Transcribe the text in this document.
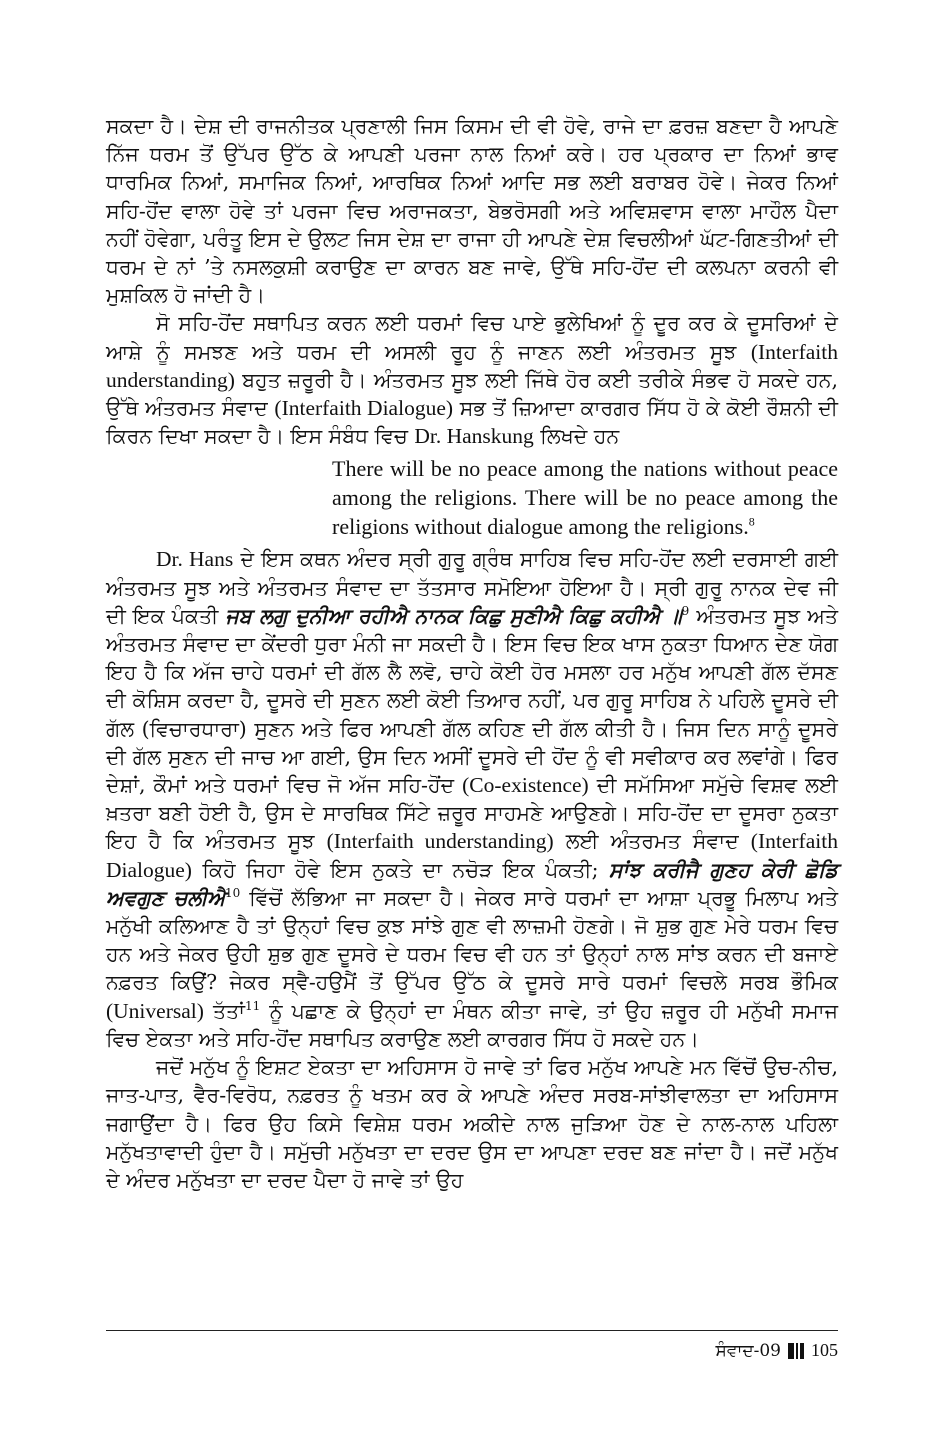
ਸਕਦਾ ਹੈ। ਦੇਸ਼ ਦੀ ਰਾਜਨੀਤਕ ਪ੍ਰਣਾਲੀ ਜਿਸ ਕਿਸਮ ਦੀ ਵੀ ਹੋਵੇ, ਰਾਜੇ ਦਾ ਫ਼ਰਜ਼ ਬਣਦਾ ਹੈ ਆਪਣੇ ਨਿੱਜ ਧਰਮ ਤੋਂ ਉੱਪਰ ਉੱਠ ਕੇ ਆਪਣੀ ਪਰਜਾ ਨਾਲ ਨਿਆਂ ਕਰੇ। ਹਰ ਪ੍ਰਕਾਰ ਦਾ ਨਿਆਂ ਭਾਵ ਧਾਰਮਿਕ ਨਿਆਂ, ਸਮਾਜਿਕ ਨਿਆਂ, ਆਰਥਿਕ ਨਿਆਂ ਆਦਿ ਸਭ ਲਈ ਬਰਾਬਰ ਹੋਵੇ। ਜੇਕਰ ਨਿਆਂ ਸਹਿ-ਹੋਂਦ ਵਾਲਾ ਹੋਵੇ ਤਾਂ ਪਰਜਾ ਵਿਚ ਅਰਾਜਕਤਾ, ਬੇਭਰੋਸਗੀ ਅਤੇ ਅਵਿਸ਼ਵਾਸ ਵਾਲਾ ਮਾਹੌਲ ਪੈਦਾ ਨਹੀਂ ਹੋਵੇਗਾ, ਪਰੰਤੂ ਇਸ ਦੇ ਉਲਟ ਜਿਸ ਦੇਸ਼ ਦਾ ਰਾਜਾ ਹੀ ਆਪਣੇ ਦੇਸ਼ ਵਿਚਲੀਆਂ ਘੱਟ-ਗਿਣਤੀਆਂ ਦੀ ਧਰਮ ਦੇ ਨਾਂ ’ਤੇ ਨਸਲਕੁਸ਼ੀ ਕਰਾਉਣ ਦਾ ਕਾਰਨ ਬਣ ਜਾਵੇ, ਉੱਥੇ ਸਹਿ-ਹੋਂਦ ਦੀ ਕਲਪਨਾ ਕਰਨੀ ਵੀ ਮੁਸ਼ਕਿਲ ਹੋ ਜਾਂਦੀ ਹੈ।

ਸੋ ਸਹਿ-ਹੋਂਦ ਸਥਾਪਿਤ ਕਰਨ ਲਈ ਧਰਮਾਂ ਵਿਚ ਪਾਏ ਭੁਲੇਖਿਆਂ ਨੂੰ ਦੂਰ ਕਰ ਕੇ ਦੂਸਰਿਆਂ ਦੇ ਆਸ਼ੇ ਨੂੰ ਸਮਝਣ ਅਤੇ ਧਰਮ ਦੀ ਅਸਲੀ ਰੂਹ ਨੂੰ ਜਾਣਨ ਲਈ ਅੰਤਰਮਤ ਸੂਝ (Interfaith understanding) ਬਹੁਤ ਜ਼ਰੂਰੀ ਹੈ। ਅੰਤਰਮਤ ਸੂਝ ਲਈ ਜਿੱਥੇ ਹੋਰ ਕਈ ਤਰੀਕੇ ਸੰਭਵ ਹੋ ਸਕਦੇ ਹਨ, ਉੱਥੇ ਅੰਤਰਮਤ ਸੰਵਾਦ (Interfaith Dialogue) ਸਭ ਤੋਂ ਜ਼ਿਆਦਾ ਕਾਰਗਰ ਸਿੱਧ ਹੋ ਕੇ ਕੋਈ ਰੌਸ਼ਨੀ ਦੀ ਕਿਰਨ ਦਿਖਾ ਸਕਦਾ ਹੈ। ਇਸ ਸੰਬੰਧ ਵਿਚ Dr. Hanskung ਲਿਖਦੇ ਹਨ

There will be no peace among the nations without peace among the religions. There will be no peace among the religions without dialogue among the religions.$^8$

Dr. Hans ਦੇ ਇਸ ਕਥਨ ਅੰਦਰ ਸ੍ਰੀ ਗੁਰੂ ਗ੍ਰੰਥ ਸਾਹਿਬ ਵਿਚ ਸਹਿ-ਹੋਂਦ ਲਈ ਦਰਸਾਈ ਗਈ ਅੰਤਰਮਤ ਸੂਝ ਅਤੇ ਅੰਤਰਮਤ ਸੰਵਾਦ ਦਾ ਤੱਤਸਾਰ ਸਮੋਇਆ ਹੋਇਆ ਹੈ। ਸ੍ਰੀ ਗੁਰੂ ਨਾਨਕ ਦੇਵ ਜੀ ਦੀ ਇਕ ਪੰਕਤੀ ਜਬ ਲਗੁ ਦੁਨੀਆ ਰਹੀਐ ਨਾਨਕ ਕਿਛੁ ਸੁਣੀਐ ਕਿਛੁ ਕਹੀਐ ॥$^9$ ਅੰਤਰਮਤ ਸੂਝ ਅਤੇ ਅੰਤਰਮਤ ਸੰਵਾਦ ਦਾ ਕੇਂਦਰੀ ਧੁਰਾ ਮੰਨੀ ਜਾ ਸਕਦੀ ਹੈ। ਇਸ ਵਿਚ ਇਕ ਖਾਸ ਨੁਕਤਾ ਧਿਆਨ ਦੇਣ ਯੋਗ ਇਹ ਹੈ ਕਿ ਅੱਜ ਚਾਹੇ ਧਰਮਾਂ ਦੀ ਗੱਲ ਲੈ ਲਵੋ, ਚਾਹੇ ਕੋਈ ਹੋਰ ਮਸਲਾ ਹਰ ਮਨੁੱਖ ਆਪਣੀ ਗੱਲ ਦੱਸਣ ਦੀ ਕੋਸ਼ਿਸ ਕਰਦਾ ਹੈ, ਦੂਸਰੇ ਦੀ ਸੁਣਨ ਲਈ ਕੋਈ ਤਿਆਰ ਨਹੀਂ, ਪਰ ਗੁਰੂ ਸਾਹਿਬ ਨੇ ਪਹਿਲੇ ਦੂਸਰੇ ਦੀ ਗੱਲ (ਵਿਚਾਰਧਾਰਾ) ਸੁਣਨ ਅਤੇ ਫਿਰ ਆਪਣੀ ਗੱਲ ਕਹਿਣ ਦੀ ਗੱਲ ਕੀਤੀ ਹੈ। ਜਿਸ ਦਿਨ ਸਾਨੂੰ ਦੂਸਰੇ ਦੀ ਗੱਲ ਸੁਣਨ ਦੀ ਜਾਚ ਆ ਗਈ, ਉਸ ਦਿਨ ਅਸੀਂ ਦੂਸਰੇ ਦੀ ਹੋਂਦ ਨੂੰ ਵੀ ਸਵੀਕਾਰ ਕਰ ਲਵਾਂਗੇ। ਫਿਰ ਦੇਸ਼ਾਂ, ਕੌਮਾਂ ਅਤੇ ਧਰਮਾਂ ਵਿਚ ਜੋ ਅੱਜ ਸਹਿ-ਹੋਂਦ (Co-existence) ਦੀ ਸਮੱਸਿਆ ਸਮੁੱਚੇ ਵਿਸ਼ਵ ਲਈ ਖ਼ਤਰਾ ਬਣੀ ਹੋਈ ਹੈ, ਉਸ ਦੇ ਸਾਰਥਿਕ ਸਿੱਟੇ ਜ਼ਰੂਰ ਸਾਹਮਣੇ ਆਉਣਗੇ। ਸਹਿ-ਹੋਂਦ ਦਾ ਦੂਸਰਾ ਨੁਕਤਾ ਇਹ ਹੈ ਕਿ ਅੰਤਰਮਤ ਸੂਝ (Interfaith understanding) ਲਈ ਅੰਤਰਮਤ ਸੰਵਾਦ (Interfaith Dialogue) ਕਿਹੋ ਜਿਹਾ ਹੋਵੇ ਇਸ ਨੁਕਤੇ ਦਾ ਨਚੋੜ ਇਕ ਪੰਕਤੀ; ਸਾਂਝ ਕਰੀਜੈ ਗੁਣਹ ਕੇਰੀ ਛੋਡਿ ਅਵਗੁਣ ਚਲੀਐ$^{10}$ ਵਿੱਚੋਂ ਲੱਭਿਆ ਜਾ ਸਕਦਾ ਹੈ। ਜੇਕਰ ਸਾਰੇ ਧਰਮਾਂ ਦਾ ਆਸ਼ਾ ਪ੍ਰਭੂ ਮਿਲਾਪ ਅਤੇ ਮਨੁੱਖੀ ਕਲਿਆਣ ਹੈ ਤਾਂ ਉਨ੍ਹਾਂ ਵਿਚ ਕੁਝ ਸਾਂਝੇ ਗੁਣ ਵੀ ਲਾਜ਼ਮੀ ਹੋਣਗੇ। ਜੋ ਸ਼ੁਭ ਗੁਣ ਮੇਰੇ ਧਰਮ ਵਿਚ ਹਨ ਅਤੇ ਜੇਕਰ ਉਹੀ ਸ਼ੁਭ ਗੁਣ ਦੂਸਰੇ ਦੇ ਧਰਮ ਵਿਚ ਵੀ ਹਨ ਤਾਂ ਉਨ੍ਹਾਂ ਨਾਲ ਸਾਂਝ ਕਰਨ ਦੀ ਬਜਾਏ ਨਫ਼ਰਤ ਕਿਉਂ? ਜੇਕਰ ਸ੍ਵੈ-ਹਉਮੈਂ ਤੋਂ ਉੱਪਰ ਉੱਠ ਕੇ ਦੂਸਰੇ ਸਾਰੇ ਧਰਮਾਂ ਵਿਚਲੇ ਸਰਬ ਭੌਮਿਕ (Universal) ਤੱਤਾਂ$^{11}$ ਨੂੰ ਪਛਾਣ ਕੇ ਉਨ੍ਹਾਂ ਦਾ ਮੰਥਨ ਕੀਤਾ ਜਾਵੇ, ਤਾਂ ਉਹ ਜ਼ਰੂਰ ਹੀ ਮਨੁੱਖੀ ਸਮਾਜ ਵਿਚ ਏਕਤਾ ਅਤੇ ਸਹਿ-ਹੋਂਦ ਸਥਾਪਿਤ ਕਰਾਉਣ ਲਈ ਕਾਰਗਰ ਸਿੱਧ ਹੋ ਸਕਦੇ ਹਨ।

ਜਦੋਂ ਮਨੁੱਖ ਨੂੰ ਇਸ਼ਟ ਏਕਤਾ ਦਾ ਅਹਿਸਾਸ ਹੋ ਜਾਵੇ ਤਾਂ ਫਿਰ ਮਨੁੱਖ ਆਪਣੇ ਮਨ ਵਿੱਚੋਂ ਉਚ-ਨੀਚ, ਜਾਤ-ਪਾਤ, ਵੈਰ-ਵਿਰੋਧ, ਨਫ਼ਰਤ ਨੂੰ ਖਤਮ ਕਰ ਕੇ ਆਪਣੇ ਅੰਦਰ ਸਰਬ-ਸਾਂਝੀਵਾਲਤਾ ਦਾ ਅਹਿਸਾਸ ਜਗਾਉਂਦਾ ਹੈ। ਫਿਰ ਉਹ ਕਿਸੇ ਵਿਸ਼ੇਸ਼ ਧਰਮ ਅਕੀਦੇ ਨਾਲ ਜੁੜਿਆ ਹੋਣ ਦੇ ਨਾਲ-ਨਾਲ ਪਹਿਲਾ ਮਨੁੱਖਤਾਵਾਦੀ ਹੁੰਦਾ ਹੈ। ਸਮੁੱਚੀ ਮਨੁੱਖਤਾ ਦਾ ਦਰਦ ਉਸ ਦਾ ਆਪਣਾ ਦਰਦ ਬਣ ਜਾਂਦਾ ਹੈ। ਜਦੋਂ ਮਨੁੱਖ ਦੇ ਅੰਦਰ ਮਨੁੱਖਤਾ ਦਾ ਦਰਦ ਪੈਦਾ ਹੋ ਜਾਵੇ ਤਾਂ ਉਹ

ਸੰਵਾਦ-09 105
